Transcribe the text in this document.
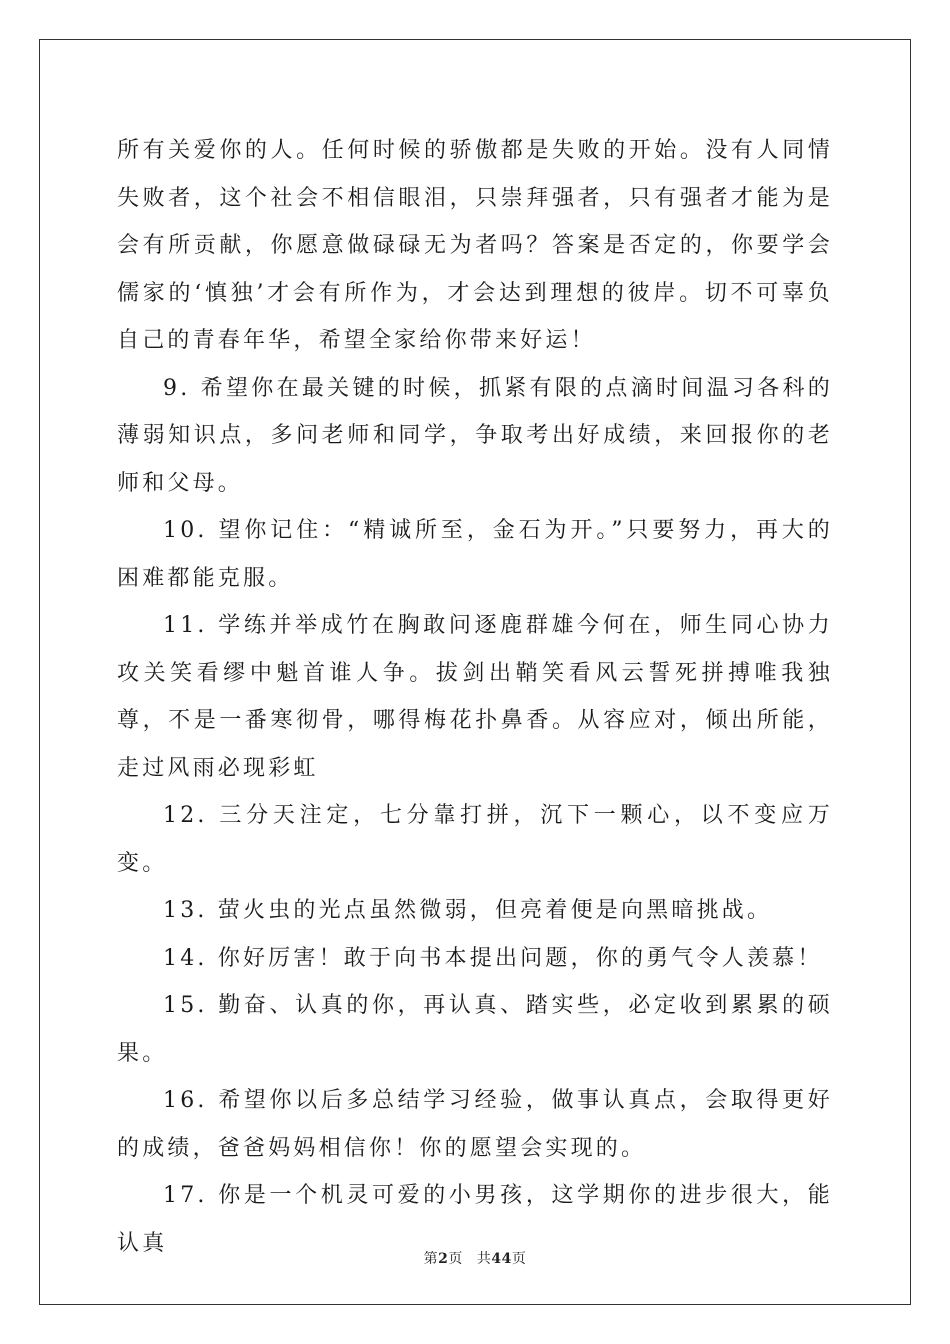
所有关爱你的人。任何时候的骄傲都是失败的开始。没有人同情失败者，这个社会不相信眼泪，只崇拜强者，只有强者才能为是会有所贡献，你愿意做碌碌无为者吗？答案是否定的，你要学会儒家的‘慎独’才会有所作为，才会达到理想的彼岸。切不可辜负自己的青春年华，希望全家给你带来好运！

9. 希望你在最关键的时候，抓紧有限的点滴时间温习各科的薄弱知识点，多问老师和同学，争取考出好成绩，来回报你的老师和父母。

10. 望你记住：“精诚所至，金石为开。”只要努力，再大的困难都能克服。

11. 学练并举成竹在胸敢问逐鹿群雄今何在，师生同心协力攻关笑看缪中魁首谁人争。拔剑出鞘笑看风云誓死拼搏唯我独尊，不是一番寒彻骨，哪得梅花扑鼻香。从容应对，倾出所能，走过风雨必现彩虹

12. 三分天注定，七分靠打拼，沉下一颗心，以不变应万变。

13. 萤火虫的光点虽然微弱，但亮着便是向黑暗挑战。

14. 你好厉害！敢于向书本提出问题，你的勇气令人羡慕！

15. 勤奋、认真的你，再认真、踏实些，必定收到累累的硕果。

16. 希望你以后多总结学习经验，做事认真点，会取得更好的成绩，爸爸妈妈相信你！你的愿望会实现的。

17. 你是一个机灵可爱的小男孩，这学期你的进步很大，能认真

第2页 共44页
